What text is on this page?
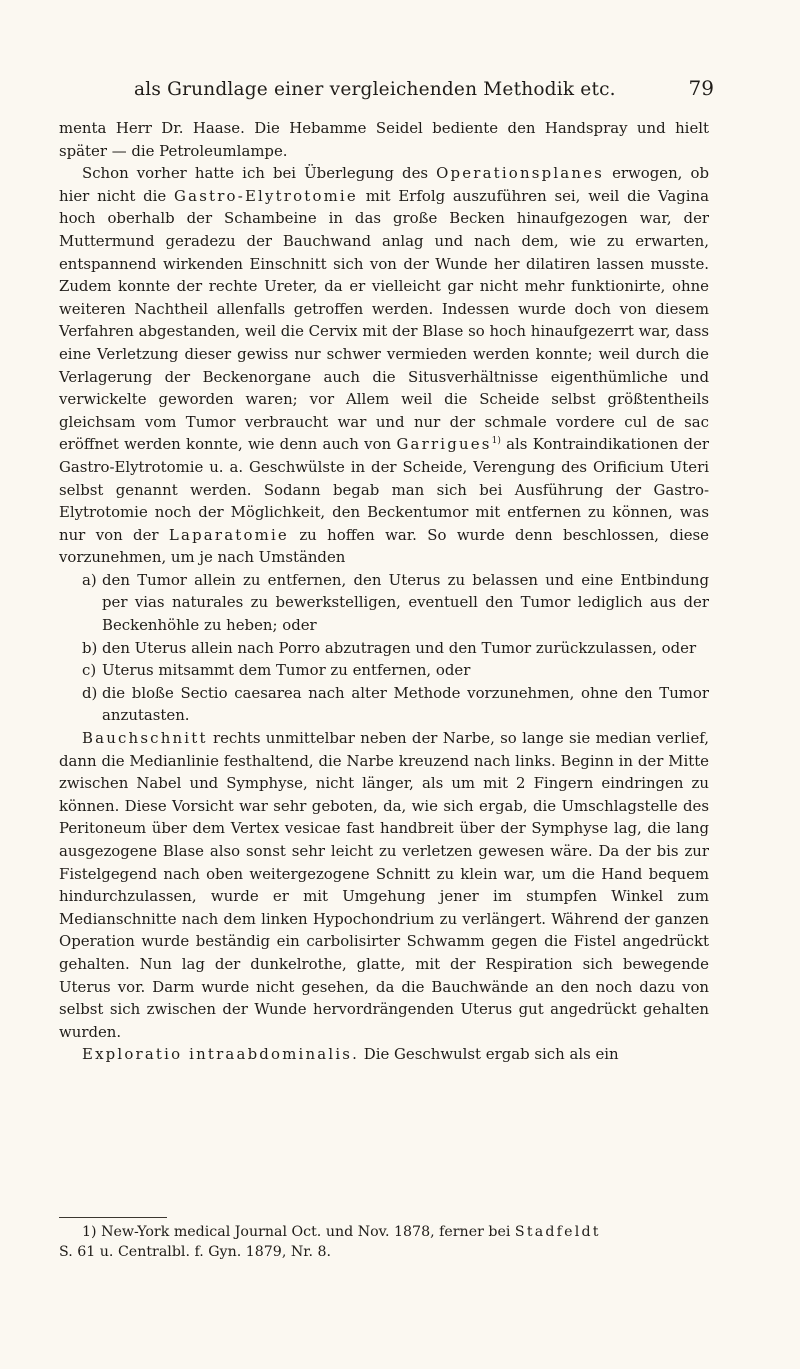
als Grundlage einer vergleichenden Methodik etc.	79

menta Herr Dr. Haase. Die Hebamme Seidel bediente den Handspray und hielt später — die Petroleumlampe.

Schon vorher hatte ich bei Überlegung des Operationsplanes erwogen, ob hier nicht die Gastro-Elytrotomie mit Erfolg auszuführen sei, weil die Vagina hoch oberhalb der Schambeine in das große Becken hinaufgezogen war, der Muttermund geradezu der Bauchwand anlag und nach dem, wie zu erwarten, entspannend wirkenden Einschnitt sich von der Wunde her dilatiren lassen musste. Zudem konnte der rechte Ureter, da er vielleicht gar nicht mehr funktionirte, ohne weiteren Nachtheil allenfalls getroffen werden. Indessen wurde doch von diesem Verfahren abgestanden, weil die Cervix mit der Blase so hoch hinaufgezerrt war, dass eine Verletzung dieser gewiss nur schwer vermieden werden konnte; weil durch die Verlagerung der Beckenorgane auch die Situsverhältnisse eigenthümliche und verwickelte geworden waren; vor Allem weil die Scheide selbst größtentheils gleichsam vom Tumor verbraucht war und nur der schmale vordere cul de sac eröffnet werden konnte, wie denn auch von Garrigues$^{1)}$ als Kontraindikationen der Gastro-Elytrotomie u. a. Geschwülste in der Scheide, Verengung des Orificium Uteri selbst genannt werden. Sodann begab man sich bei Ausführung der Gastro-Elytrotomie noch der Möglichkeit, den Beckentumor mit entfernen zu können, was nur von der Laparatomie zu hoffen war. So wurde denn beschlossen, diese vorzunehmen, um je nach Umständen

a) den Tumor allein zu entfernen, den Uterus zu belassen und eine Entbindung per vias naturales zu bewerkstelligen, eventuell den Tumor lediglich aus der Beckenhöhle zu heben; oder
b) den Uterus allein nach Porro abzutragen und den Tumor zurückzulassen, oder
c) Uterus mitsammt dem Tumor zu entfernen, oder
d) die bloße Sectio caesarea nach alter Methode vorzunehmen, ohne den Tumor anzutasten.

Bauchschnitt rechts unmittelbar neben der Narbe, so lange sie median verlief, dann die Medianlinie festhaltend, die Narbe kreuzend nach links. Beginn in der Mitte zwischen Nabel und Symphyse, nicht länger, als um mit 2 Fingern eindringen zu können. Diese Vorsicht war sehr geboten, da, wie sich ergab, die Umschlagstelle des Peritoneum über dem Vertex vesicae fast handbreit über der Symphyse lag, die lang ausgezogene Blase also sonst sehr leicht zu verletzen gewesen wäre. Da der bis zur Fistelgegend nach oben weitergezogene Schnitt zu klein war, um die Hand bequem hindurchzulassen, wurde er mit Umgehung jener im stumpfen Winkel zum Medianschnitte nach dem linken Hypochondrium zu verlängert. Während der ganzen Operation wurde beständig ein carbolisirter Schwamm gegen die Fistel angedrückt gehalten. Nun lag der dunkelrothe, glatte, mit der Respiration sich bewegende Uterus vor. Darm wurde nicht gesehen, da die Bauchwände an den noch dazu von selbst sich zwischen der Wunde hervordrängenden Uterus gut angedrückt gehalten wurden.

Exploratio intraabdominalis. Die Geschwulst ergab sich als ein

1) New-York medical Journal Oct. und Nov. 1878, ferner bei Stadfeldt

S. 61 u. Centralbl. f. Gyn. 1879, Nr. 8.
